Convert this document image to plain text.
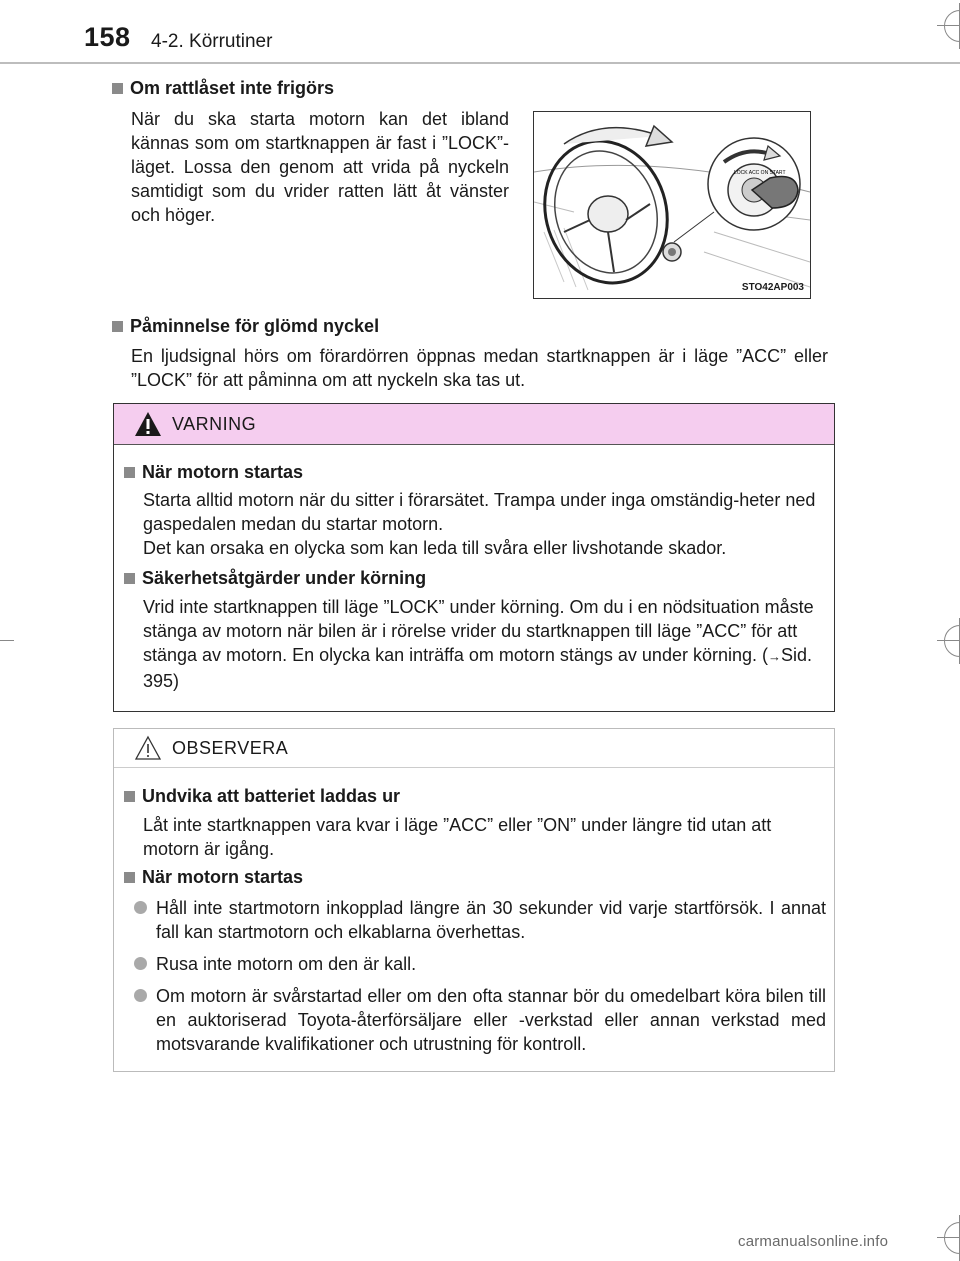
158 4-2. Körrutiner
Om rattlåset inte frigörs
När du ska starta motorn kan det ibland kännas som om startknappen är fast i ”LOCK”-läget. Lossa den genom att vrida på nyckeln samtidigt som du vrider ratten lätt åt vänster och höger.
LOCK ACC ON START
STO42AP003
Påminnelse för glömd nyckel
En ljudsignal hörs om förardörren öppnas medan startknappen är i läge ”ACC” eller ”LOCK” för att påminna om att nyckeln ska tas ut.
VARNING
När motorn startas
Starta alltid motorn när du sitter i förarsätet. Trampa under inga omständig-heter ned gaspedalen medan du startar motorn.
Det kan orsaka en olycka som kan leda till svåra eller livshotande skador.
Säkerhetsåtgärder under körning
Vrid inte startknappen till läge ”LOCK” under körning. Om du i en nödsituation måste stänga av motorn när bilen är i rörelse vrider du startknappen till läge ”ACC” för att stänga av motorn. En olycka kan inträffa om motorn stängs av under körning. (→Sid. 395)
OBSERVERA
Undvika att batteriet laddas ur
Låt inte startknappen vara kvar i läge ”ACC” eller ”ON” under längre tid utan att motorn är igång.
När motorn startas
Håll inte startmotorn inkopplad längre än 30 sekunder vid varje startförsök. I annat fall kan startmotorn och elkablarna överhettas.
Rusa inte motorn om den är kall.
Om motorn är svårstartad eller om den ofta stannar bör du omedelbart köra bilen till en auktoriserad Toyota-återförsäljare eller -verkstad eller annan verkstad med motsvarande kvalifikationer och utrustning för kontroll.
carmanualsonline.info
